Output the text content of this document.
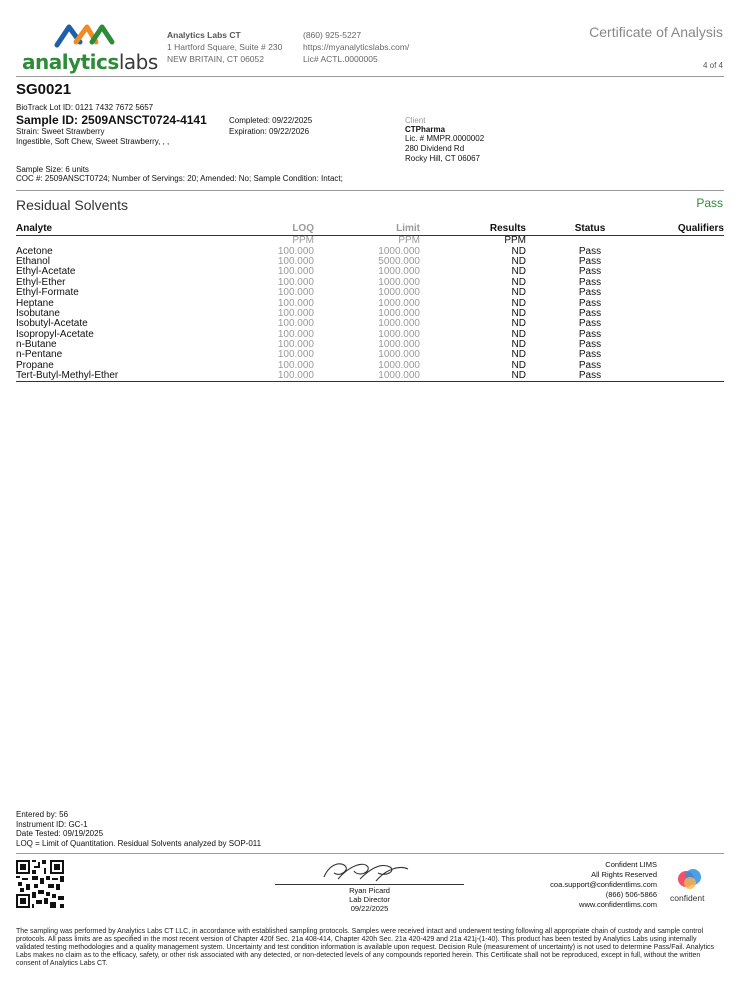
analyticslabs
Analytics Labs CT
1 Hartford Square, Suite # 230
NEW BRITAIN, CT 06052
(860) 925-5227
https://myanalyticslabs.com/
Lic# ACTL.0000005
Certificate of Analysis
4 of 4
SG0021
BioTrack Lot ID: 0121 7432 7672 5657
Sample ID: 2509ANSCT0724-4141
Strain: Sweet Strawberry
Ingestible, Soft Chew, Sweet Strawberry, , ,
Completed: 09/22/2025
Expiration: 09/22/2026
Client
CTPharma
Lic. # MMPR.0000002
280 Dividend Rd
Rocky Hill, CT 06067
Sample Size: 6 units
COC #: 2509ANSCT0724; Number of Servings: 20; Amended: No; Sample Condition: Intact;
Residual Solvents	Pass
Analyte	LOQ	Limit	Results	Status	Qualifiers
	PPM	PPM	PPM		
Acetone	100.000	1000.000	ND	Pass	
Ethanol	100.000	5000.000	ND	Pass	
Ethyl-Acetate	100.000	1000.000	ND	Pass	
Ethyl-Ether	100.000	1000.000	ND	Pass	
Ethyl-Formate	100.000	1000.000	ND	Pass	
Heptane	100.000	1000.000	ND	Pass	
Isobutane	100.000	1000.000	ND	Pass	
Isobutyl-Acetate	100.000	1000.000	ND	Pass	
Isopropyl-Acetate	100.000	1000.000	ND	Pass	
n-Butane	100.000	1000.000	ND	Pass	
n-Pentane	100.000	1000.000	ND	Pass	
Propane	100.000	1000.000	ND	Pass	
Tert-Butyl-Methyl-Ether	100.000	1000.000	ND	Pass	
Entered by: 56
Instrument ID: GC-1
Date Tested: 09/19/2025
LOQ = Limit of Quantitation. Residual Solvents analyzed by SOP-011
Ryan Picard
Lab Director
09/22/2025
Confident LIMS
All Rights Reserved
coa.support@confidentlims.com
(866) 506-5866
www.confidentlims.com
confident
The sampling was performed by Analytics Labs CT LLC, in accordance with established sampling protocols. Samples were received intact and underwent testing following all appropriate chain of custody and sample control protocols. All pass limits are as specified in the most recent version of Chapter 420f Sec. 21a 408-414, Chapter 420h Sec. 21a 420-429 and 21a 421j-(1-40). This product has been tested by Analytics Labs using internally validated testing methodologies and a quality management system. Uncertainty and test condition information is available upon request. Decision Rule (measurement of uncertainty) is not used to determine Pass/Fail. Analytics Labs makes no claim as to the efficacy, safety, or other risk associated with any detected, or non-detected levels of any compounds reported herein. This Certificate shall not be reproduced, except in full, without the written consent of Analytics Labs CT.
